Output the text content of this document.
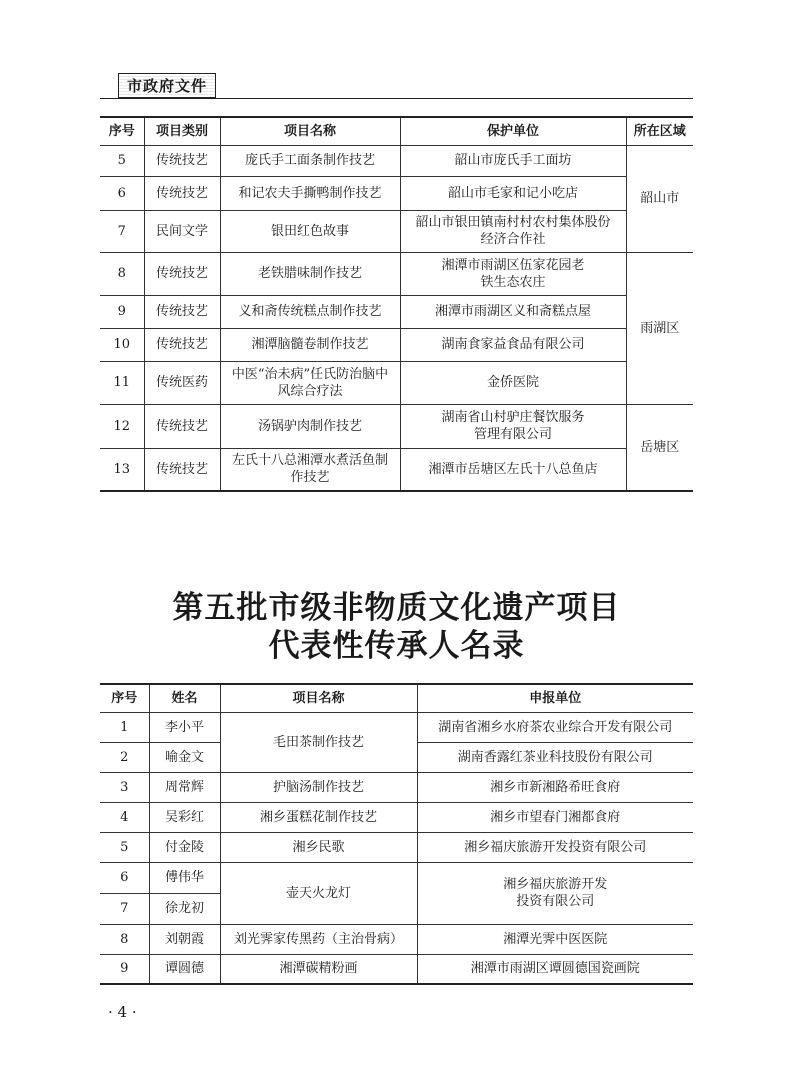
市政府文件
序号	项目类别	项目名称	保护单位	所在区域
5	传统技艺	庞氏手工面条制作技艺	韶山市庞氏手工面坊	韶山市
6	传统技艺	和记农夫手撕鸭制作技艺	韶山市毛家和记小吃店	
7	民间文学	银田红色故事	韶山市银田镇南村村农村集体股份经济合作社	
8	传统技艺	老铁腊味制作技艺	湘潭市雨湖区伍家花园老铁生态农庄	雨湖区
9	传统技艺	义和斋传统糕点制作技艺	湘潭市雨湖区义和斋糕点屋	
10	传统技艺	湘潭脑髓卷制作技艺	湖南食家益食品有限公司	
11	传统医药	中医“治未病”任氏防治脑中风综合疗法	金侨医院	
12	传统技艺	汤锅驴肉制作技艺	湖南省山村驴庄餐饮服务管理有限公司	岳塘区
13	传统技艺	左氏十八总湘潭水煮活鱼制作技艺	湘潭市岳塘区左氏十八总鱼店	
第五批市级非物质文化遗产项目
代表性传承人名录
序号	姓名	项目名称	申报单位
1	李小平	毛田茶制作技艺	湖南省湘乡水府茶农业综合开发有限公司
2	喻金文		湖南香露红茶业科技股份有限公司
3	周常辉	护脑汤制作技艺	湘乡市新湘路希旺食府
4	吴彩红	湘乡蛋糕花制作技艺	湘乡市望春门湘都食府
5	付金陵	湘乡民歌	湘乡福庆旅游开发投资有限公司
6	傅伟华	壶天火龙灯	湘乡福庆旅游开发投资有限公司
7	徐龙初		
8	刘朝霞	刘光霁家传黑药（主治骨病）	湘潭光霁中医医院
9	谭圆德	湘潭碳精粉画	湘潭市雨湖区谭圆德国瓷画院
· 4 ·
